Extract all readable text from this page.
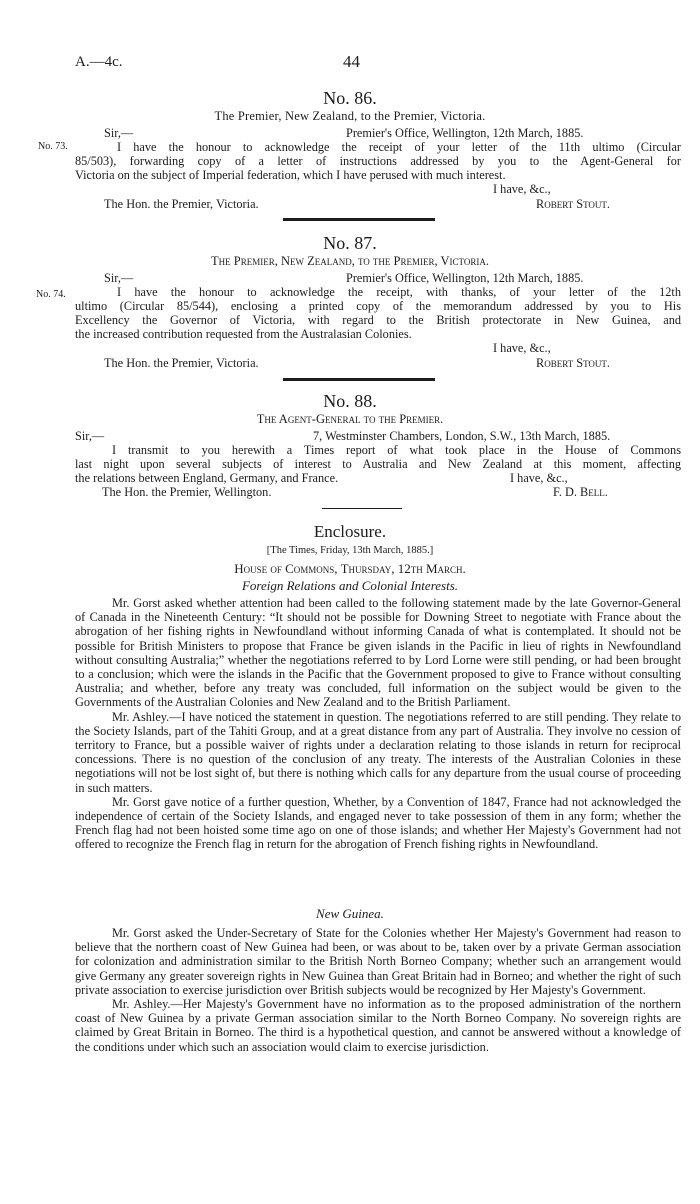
A.—4c.	44
No. 86.
The Premier, New Zealand, to the Premier, Victoria.
Sir,—	Premier's Office, Wellington, 12th March, 1885.
No. 73.	I have the honour to acknowledge the receipt of your letter of the 11th ultimo (Circular
85/503), forwarding copy of a letter of instructions addressed by you to the Agent-General for
Victoria on the subject of Imperial federation, which I have perused with much interest.
I have, &c.,
The Hon. the Premier, Victoria.	Robert Stout.
No. 87.
The Premier, New Zealand, to the Premier, Victoria.
Sir,—	Premier's Office, Wellington, 12th March, 1885.
No. 74.	I have the honour to acknowledge the receipt, with thanks, of your letter of the 12th
ultimo (Circular 85/544), enclosing a printed copy of the memorandum addressed by you to His
Excellency the Governor of Victoria, with regard to the British protectorate in New Guinea, and
the increased contribution requested from the Australasian Colonies.
I have, &c.,
The Hon. the Premier, Victoria.	Robert Stout.
No. 88.
The Agent-General to the Premier.
Sir,—	7, Westminster Chambers, London, S.W., 13th March, 1885.
I transmit to you herewith a Times report of what took place in the House of Commons
last night upon several subjects of interest to Australia and New Zealand at this moment, affecting
the relations between England, Germany, and France.	I have, &c.,
The Hon. the Premier, Wellington.	F. D. Bell.
Enclosure.
[The Times, Friday, 13th March, 1885.]
House of Commons, Thursday, 12th March.
Foreign Relations and Colonial Interests.

Mr. Gorst asked whether attention had been called to the following statement made by the late Governor-General of Canada in the Nineteenth Century: “It should not be possible for Downing Street to negotiate with France about the abrogation of her fishing rights in Newfoundland without informing Canada of what is contemplated. It should not be possible for British Ministers to propose that France be given islands in the Pacific in lieu of rights in Newfoundland without consulting Australia;” whether the negotiations referred to by Lord Lorne were still pending, or had been brought to a conclusion; which were the islands in the Pacific that the Government proposed to give to France without consulting Australia; and whether, before any treaty was concluded, full information on the subject would be given to the Governments of the Australian Colonies and New Zealand and to the British Parliament.

Mr. Ashley.—I have noticed the statement in question. The negotiations referred to are still pending. They relate to the Society Islands, part of the Tahiti Group, and at a great distance from any part of Australia. They involve no cession of territory to France, but a possible waiver of rights under a declaration relating to those islands in return for reciprocal concessions. There is no question of the conclusion of any treaty. The interests of the Australian Colonies in these negotiations will not be lost sight of, but there is nothing which calls for any departure from the usual course of proceeding in such matters.

Mr. Gorst gave notice of a further question, Whether, by a Convention of 1847, France had not acknowledged the independence of certain of the Society Islands, and engaged never to take possession of them in any form; whether the French flag had not been hoisted some time ago on one of those islands; and whether Her Majesty's Government had not offered to recognize the French flag in return for the abrogation of French fishing rights in Newfoundland.

New Guinea.

Mr. Gorst asked the Under-Secretary of State for the Colonies whether Her Majesty's Government had reason to believe that the northern coast of New Guinea had been, or was about to be, taken over by a private German association for colonization and administration similar to the British North Borneo Company; whether such an arrangement would give Germany any greater sovereign rights in New Guinea than Great Britain had in Borneo; and whether the right of such private association to exercise jurisdiction over British subjects would be recognized by Her Majesty's Government.

Mr. Ashley.—Her Majesty's Government have no information as to the proposed administration of the northern coast of New Guinea by a private German association similar to the North Borneo Company. No sovereign rights are claimed by Great Britain in Borneo. The third is a hypothetical question, and cannot be answered without a knowledge of the conditions under which such an association would claim to exercise jurisdiction.
